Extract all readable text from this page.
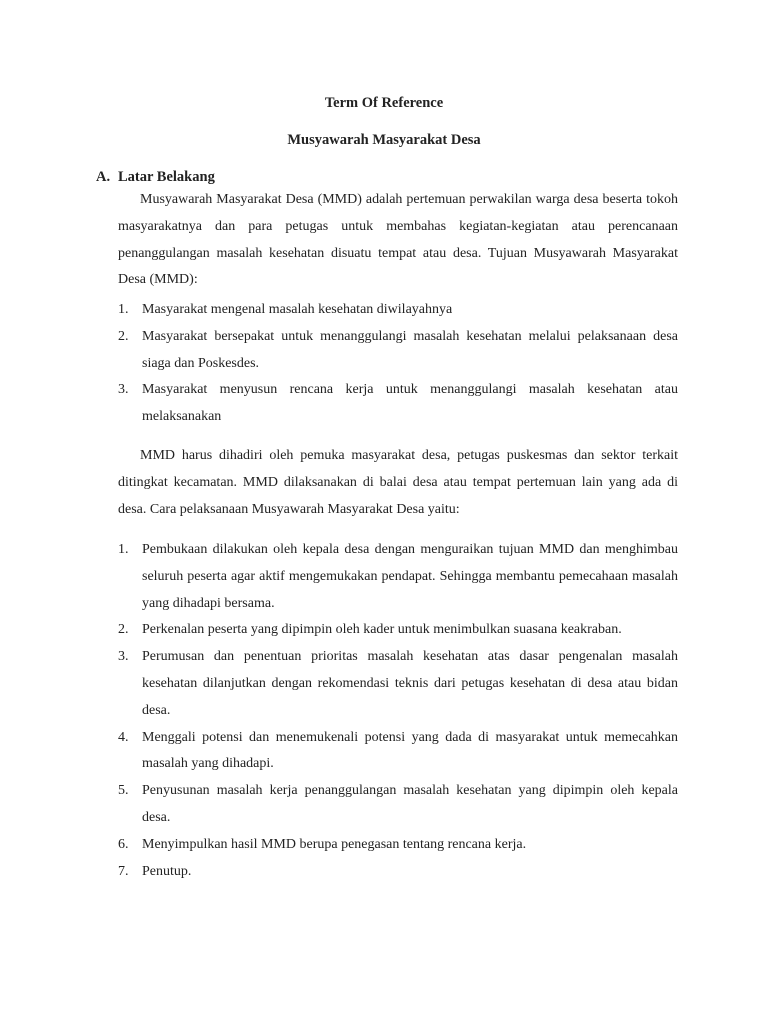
Term Of Reference
Musyawarah Masyarakat Desa
A. Latar Belakang

Musyawarah Masyarakat Desa (MMD) adalah pertemuan perwakilan warga desa beserta tokoh masyarakatnya dan para petugas untuk membahas kegiatan-kegiatan atau perencanaan penanggulangan masalah kesehatan disuatu tempat atau desa. Tujuan Musyawarah Masyarakat Desa (MMD):

1. Masyarakat mengenal masalah kesehatan diwilayahnya
2. Masyarakat bersepakat untuk menanggulangi masalah kesehatan melalui pelaksanaan desa siaga dan Poskesdes.
3. Masyarakat menyusun rencana kerja untuk menanggulangi masalah kesehatan atau melaksanakan

MMD harus dihadiri oleh pemuka masyarakat desa, petugas puskesmas dan sektor terkait ditingkat kecamatan. MMD dilaksanakan di balai desa atau tempat pertemuan lain yang ada di desa. Cara pelaksanaan Musyawarah Masyarakat Desa yaitu:

1. Pembukaan dilakukan oleh kepala desa dengan menguraikan tujuan MMD dan menghimbau seluruh peserta agar aktif mengemukakan pendapat. Sehingga membantu pemecahaan masalah yang dihadapi bersama.
2. Perkenalan peserta yang dipimpin oleh kader untuk menimbulkan suasana keakraban.
3. Perumusan dan penentuan prioritas masalah kesehatan atas dasar pengenalan masalah kesehatan dilanjutkan dengan rekomendasi teknis dari petugas kesehatan di desa atau bidan desa.
4. Menggali potensi dan menemukenali potensi yang dada di masyarakat untuk memecahkan masalah yang dihadapi.
5. Penyusunan masalah kerja penanggulangan masalah kesehatan yang dipimpin oleh kepala desa.
6. Menyimpulkan hasil MMD berupa penegasan tentang rencana kerja.
7. Penutup.
